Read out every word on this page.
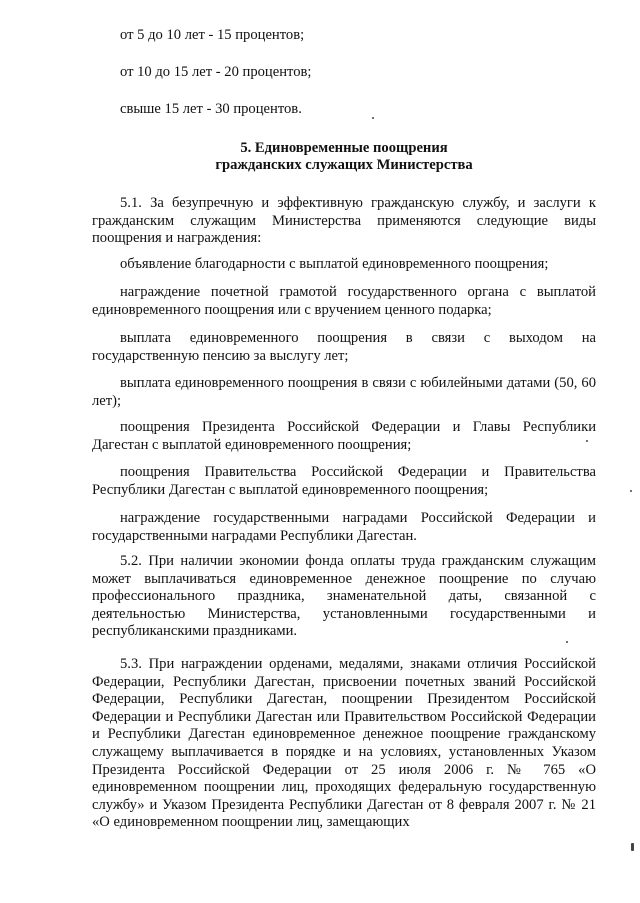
от 5 до 10 лет - 15 процентов;

от 10 до 15 лет - 20 процентов;

свыше 15 лет - 30 процентов.

5. Единовременные поощрения

гражданских служащих Министерства

5.1. За безупречную и эффективную гражданскую службу, и заслуги к гражданским служащим Министерства применяются следующие виды поощрения и награждения:

объявление благодарности с выплатой единовременного поощрения;

награждение почетной грамотой государственного органа с выплатой единовременного поощрения или с вручением ценного подарка;

выплата единовременного поощрения в связи с выходом на государственную пенсию за выслугу лет;

выплата единовременного поощрения в связи с юбилейными датами (50, 60 лет);

поощрения Президента Российской Федерации и Главы Республики Дагестан с выплатой единовременного поощрения;

поощрения Правительства Российской Федерации и Правительства Республики Дагестан с выплатой единовременного поощрения;

награждение государственными наградами Российской Федерации и государственными наградами Республики Дагестан.

5.2. При наличии экономии фонда оплаты труда гражданским служащим может выплачиваться единовременное денежное поощрение по случаю профессионального праздника, знаменательной даты, связанной с деятельностью Министерства, установленными государственными и республиканскими праздниками.

5.3. При награждении орденами, медалями, знаками отличия Российской Федерации, Республики Дагестан, присвоении почетных званий Российской Федерации, Республики Дагестан, поощрении Президентом Российской Федерации и Республики Дагестан или Правительством Российской Федерации и Республики Дагестан единовременное денежное поощрение гражданскому служащему выплачивается в порядке и на условиях, установленных Указом Президента Российской Федерации от 25 июля 2006 г. № 765 «О единовременном поощрении лиц, проходящих федеральную государственную службу» и Указом Президента Республики Дагестан от 8 февраля 2007 г. № 21 «О единовременном поощрении лиц, замещающих
